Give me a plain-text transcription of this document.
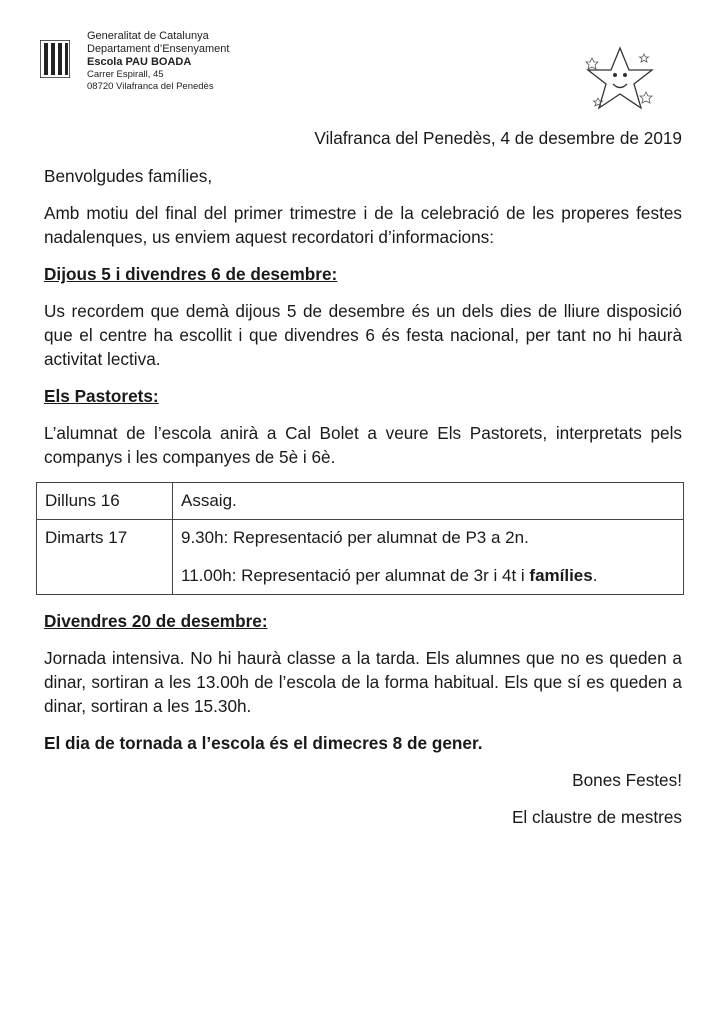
Generalitat de Catalunya
Departament d’Ensenyament
Escola PAU BOADA
Carrer Espirall, 45
08720 Vilafranca del Penedès

Vilafranca del Penedès, 4 de desembre de 2019

Benvolgudes famílies,

Amb motiu del final del primer trimestre i de la celebració de les properes festes nadalenques, us enviem aquest recordatori d’informacions:

Dijous 5 i divendres 6 de desembre:

Us recordem que demà dijous 5 de desembre és un dels dies de lliure disposició que el centre ha escollit i que divendres 6 és festa nacional, per tant no hi haurà activitat lectiva.

Els Pastorets:

L’alumnat de l’escola anirà a Cal Bolet a veure Els Pastorets, interpretats pels companys i les companyes de 5è i 6è.

Dilluns 16	Assaig.
Dimarts 17	9.30h: Representació per alumnat de P3 a 2n.
11.00h: Representació per alumnat de 3r i 4t i famílies.

Divendres 20 de desembre:

Jornada intensiva. No hi haurà classe a la tarda. Els alumnes que no es queden a dinar, sortiran a les 13.00h de l’escola de la forma habitual. Els que sí es queden a dinar, sortiran a les 15.30h.

El dia de tornada a l’escola és el dimecres 8 de gener.

Bones Festes!

El claustre de mestres
